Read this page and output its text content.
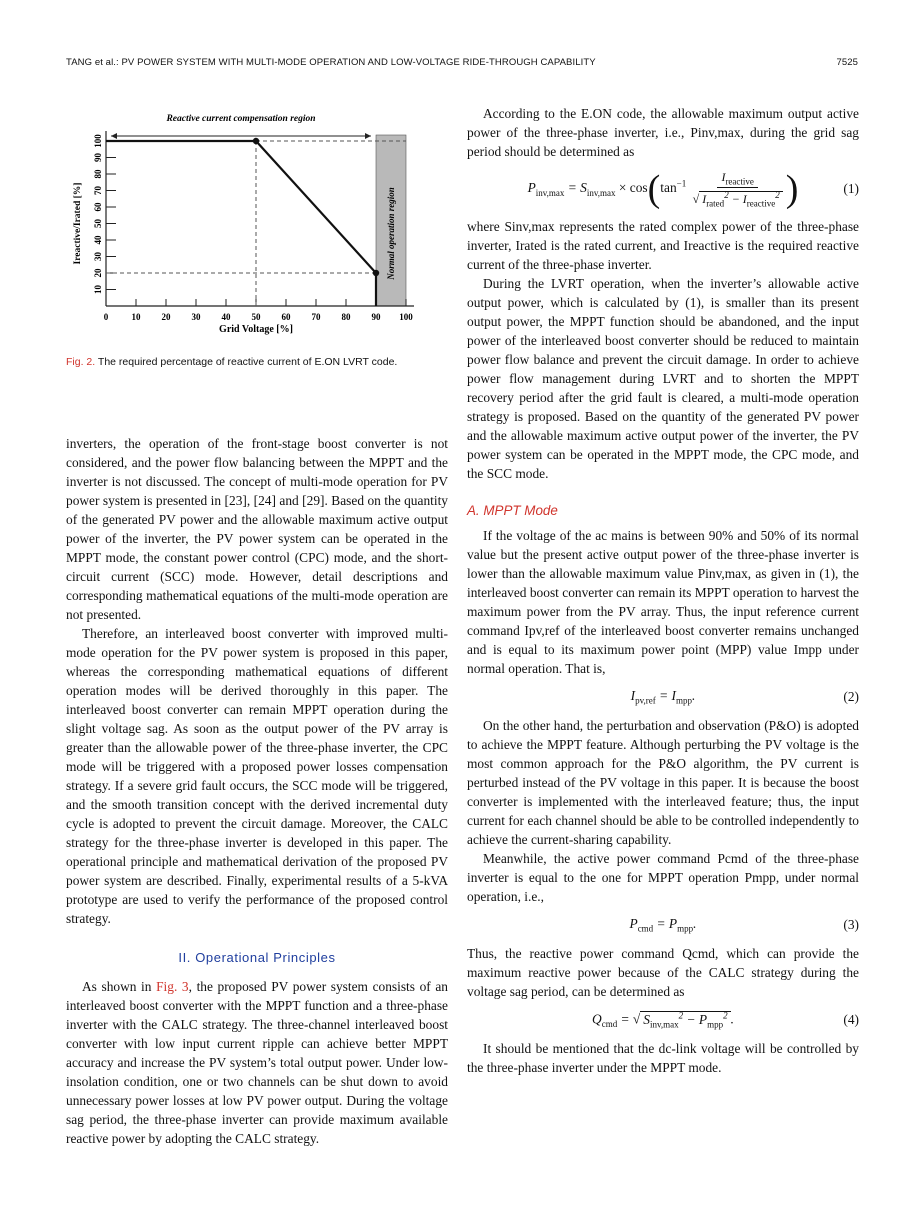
TANG et al.: PV POWER SYSTEM WITH MULTI-MODE OPERATION AND LOW-VOLTAGE RIDE-THROUGH CAPABILITY	7525
0	10 20 30 40 50 60 70 80 90 100
10
20
30
40
50
60
70
80
90
100
Reactive current compensation region
Grid Voltage [%]
Ireactive/Irated [%]	Normal operation region
Fig. 2. The required percentage of reactive current of E.ON LVRT code.

inverters, the operation of the front-stage boost converter is not considered, and the power flow balancing between the MPPT and the inverter is not discussed. The concept of multi-mode operation for PV power system is presented in [23], [24] and [29]. Based on the quantity of the generated PV power and the allowable maximum active output power of the inverter, the PV power system can be operated in the MPPT mode, the constant power control (CPC) mode, and the short-circuit current (SCC) mode. However, detail descriptions and corresponding mathematical equations of the multi-mode operation are not presented.

Therefore, an interleaved boost converter with improved multi-mode operation for the PV power system is proposed in this paper, whereas the corresponding mathematical equations of different operation modes will be derived thoroughly in this paper. The interleaved boost converter can remain MPPT operation during the slight voltage sag. As soon as the output power of the PV array is greater than the allowable power of the three-phase inverter, the CPC mode will be triggered with a proposed power losses compensation strategy. If a severe grid fault occurs, the SCC mode will be triggered, and the smooth transition concept with the derived incremental duty cycle is adopted to prevent the circuit damage. Moreover, the CALC strategy for the three-phase inverter is developed in this paper. The operational principle and mathematical derivation of the proposed PV power system are described. Finally, experimental results of a 5-kVA prototype are used to verify the performance of the proposed control strategy.

II. Operational Principles

As shown in Fig. 3, the proposed PV power system consists of an interleaved boost converter with the MPPT function and a three-phase inverter with the CALC strategy. The three-channel interleaved boost converter with low input current ripple can achieve better MPPT accuracy and increase the PV system’s total output power. Under low-insolation condition, one or two channels can be shut down to avoid unnecessary power losses at low PV power output. During the voltage sag period, the three-phase inverter can provide maximum available reactive power by adopting the CALC strategy.

According to the E.ON code, the allowable maximum output active power of the three-phase inverter, i.e., Pinv,max, during the grid sag period should be determined as

$P_{inv,max} = S_{inv,max} \times \cos(\tan^{-1} \frac{I_{reactive}}{√ I_{rated}^2 - I_{reactive}^2}$ )	(1)

where Sinv,max represents the rated complex power of the three-phase inverter, Irated is the rated current, and Ireactive is the required reactive current of the three-phase inverter.

During the LVRT operation, when the inverter’s allowable active output power, which is calculated by (1), is smaller than its present output power, the MPPT function should be abandoned, and the input power of the interleaved boost converter should be reduced to maintain power flow balance and prevent the circuit damage. In order to achieve power flow management during LVRT and to shorten the MPPT recovery period after the grid fault is cleared, a multi-mode operation strategy is proposed. Based on the quantity of the generated PV power and the allowable maximum active output power of the inverter, the PV power system can be operated in the MPPT mode, the CPC mode, and the SCC mode.

A. MPPT Mode

If the voltage of the ac mains is between 90% and 50% of its normal value but the present active output power of the three-phase inverter is lower than the allowable maximum value Pinv,max, as given in (1), the interleaved boost converter can remain its MPPT operation to harvest the maximum power from the PV array. Thus, the input reference current command Ipv,ref of the interleaved boost converter remains unchanged and is equal to its maximum power point (MPP) value Impp under normal operation. That is,

$I_{pv,ref} = I_{mpp}$.	(2)

On the other hand, the perturbation and observation (P&O) is adopted to achieve the MPPT feature. Although perturbing the PV voltage is the most common approach for the P&O algorithm, the PV current is perturbed instead of the PV voltage in this paper. It is because the boost converter is implemented with the interleaved feature; thus, the input current for each channel should be able to be controlled independently to achieve the current-sharing capability.

Meanwhile, the active power command Pcmd of the three-phase inverter is equal to the one for MPPT operation Pmpp, under normal operation, i.e.,

$P_{cmd} = P_{mpp}$.	(3)

Thus, the reactive power command Qcmd, which can provide the maximum reactive power because of the CALC strategy during the voltage sag period, can be determined as

$Q_{cmd}$ = √ $S_{inv,max}^2 - P_{mpp}^2$ .	(4)

It should be mentioned that the dc-link voltage will be controlled by the three-phase inverter under the MPPT mode.
